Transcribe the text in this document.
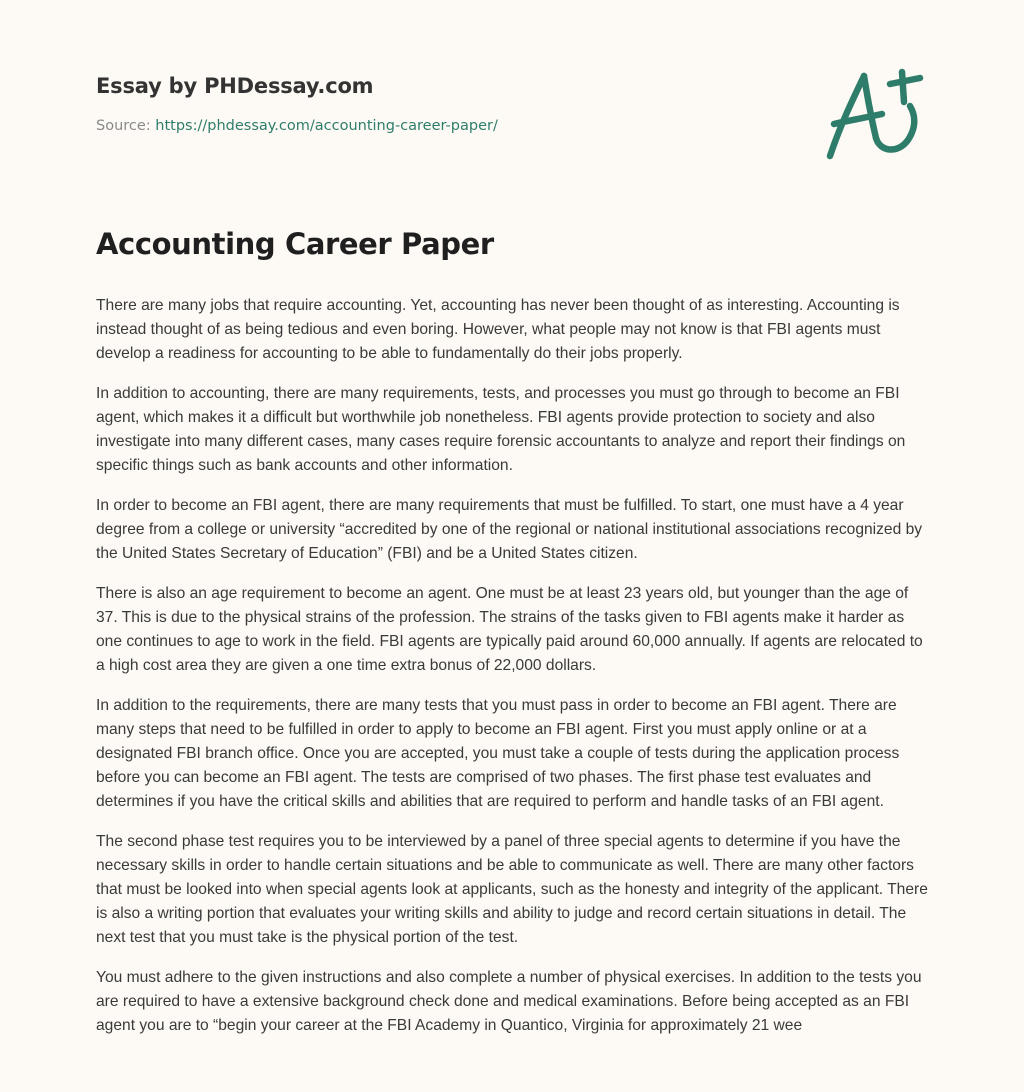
Essay by PHDessay.com
Source: https://phdessay.com/accounting-career-paper/
Accounting Career Paper

There are many jobs that require accounting. Yet, accounting has never been thought of as interesting. Accounting is instead thought of as being tedious and even boring. However, what people may not know is that FBI agents must develop a readiness for accounting to be able to fundamentally do their jobs properly.

In addition to accounting, there are many requirements, tests, and processes you must go through to become an FBI agent, which makes it a difficult but worthwhile job nonetheless. FBI agents provide protection to society and also investigate into many different cases, many cases require forensic accountants to analyze and report their findings on specific things such as bank accounts and other information.

In order to become an FBI agent, there are many requirements that must be fulfilled. To start, one must have a 4 year degree from a college or university “accredited by one of the regional or national institutional associations recognized by the United States Secretary of Education” (FBI) and be a United States citizen.

There is also an age requirement to become an agent. One must be at least 23 years old, but younger than the age of 37. This is due to the physical strains of the profession. The strains of the tasks given to FBI agents make it harder as one continues to age to work in the field. FBI agents are typically paid around 60,000 annually. If agents are relocated to a high cost area they are given a one time extra bonus of 22,000 dollars.

In addition to the requirements, there are many tests that you must pass in order to become an FBI agent. There are many steps that need to be fulfilled in order to apply to become an FBI agent. First you must apply online or at a designated FBI branch office. Once you are accepted, you must take a couple of tests during the application process before you can become an FBI agent. The tests are comprised of two phases. The first phase test evaluates and determines if you have the critical skills and abilities that are required to perform and handle tasks of an FBI agent.

The second phase test requires you to be interviewed by a panel of three special agents to determine if you have the necessary skills in order to handle certain situations and be able to communicate as well. There are many other factors that must be looked into when special agents look at applicants, such as the honesty and integrity of the applicant. There is also a writing portion that evaluates your writing skills and ability to judge and record certain situations in detail. The next test that you must take is the physical portion of the test.

You must adhere to the given instructions and also complete a number of physical exercises. In addition to the tests you are required to have a extensive background check done and medical examinations. Before being accepted as an FBI agent you are to “begin your career at the FBI Academy in Quantico, Virginia for approximately 21 wee
